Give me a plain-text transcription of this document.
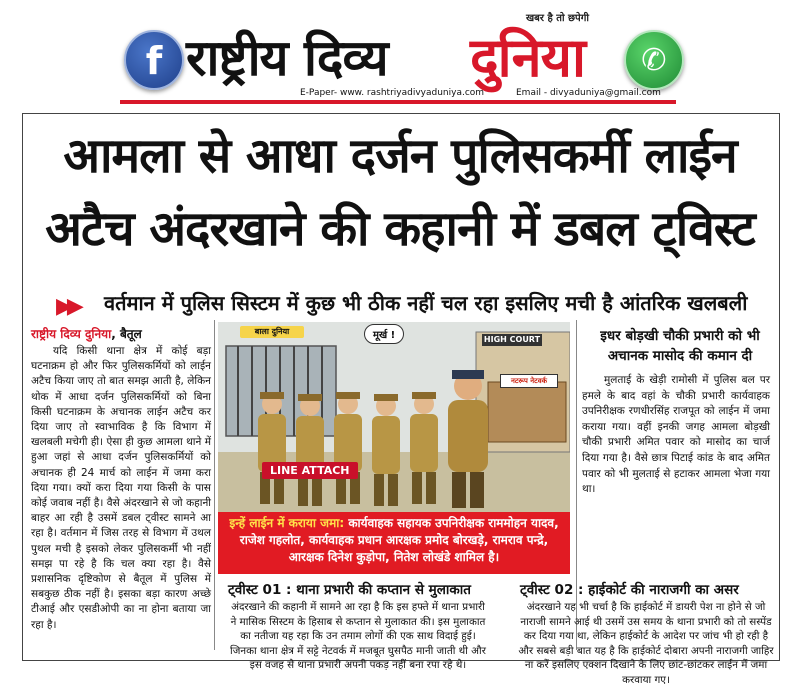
f
खबर है तो छपेगी
राष्ट्रीय दिव्य दुनिया	✆
E-Paper- www. rashtriyadivyaduniya.com	Email - divyaduniya@gmail.com
आमला से आधा दर्जन पुलिसकर्मी लाईन
अटैच अंदरखाने की कहानी में डबल ट्विस्ट
▶▶ वर्तमान में पुलिस सिस्टम में कुछ भी ठीक नहीं चल रहा इसलिए मची है आंतरिक खलबली
राष्ट्रीय दिव्य दुनिया, बैतूल

यदि किसी थाना क्षेत्र में कोई बड़ा घटनाक्रम हो और फिर पुलिसकर्मियों को लाईन अटैच किया जाए तो बात समझ आती है, लेकिन थोक में आधा दर्जन पुलिसकर्मियों को बिना किसी घटनाक्रम के अचानक लाईन अटैच कर दिया जाए तो स्वाभाविक है कि विभाग में खलबली मचेगी ही। ऐसा ही कुछ आमला थाने में हुआ जहां से आधा दर्जन पुलिसकर्मियों को अचानक ही 24 मार्च को लाईन में जमा करा दिया गया। क्यों करा दिया गया किसी के पास कोई जवाब नहीं है। वैसे अंदरखाने से जो कहानी बाहर आ रही है उसमें डबल ट्वीस्ट सामने आ रहा है। वर्तमान में जिस तरह से विभाग में उथल पुथल मची है इसको लेकर पुलिसकर्मी भी नहीं समझ पा रहे है कि चल क्या रहा है। वैसे प्रशासनिक दृष्टिकोण से बैतूल में पुलिस में सबकुछ ठीक नहीं है। इसका बड़ा कारण अच्छे टीआई और एसडीओपी का ना होना बताया जा रहा है।

बाला दुनिया	मूर्ख !	HIGH COURT
नटरूप नेटवर्क
LINE ATTACH
इन्हें लाईन में कराया जमा: कार्यवाहक सहायक उपनिरीक्षक राममोहन यादव, राजेश गहलोत, कार्यवाहक प्रधान आरक्षक प्रमोद बोरखड़े, रामराव पन्द्रे, आरक्षक दिनेश कुड़ोपा, नितेश लोखंडे शामिल है।
इधर बोड़खी चौकी प्रभारी को भी अचानक मासोद की कमान दी

मुलताई के खेड़ी रामोसी में पुलिस बल पर हमले के बाद वहां के चौकी प्रभारी कार्यवाहक उपनिरीक्षक रणधीरसिंह राजपूत को लाईन में जमा कराया गया। वहीं इनकी जगह आमला बोड़खी चौकी प्रभारी अमित पवार को मासोद का चार्ज दिया गया है। वैसे छात्र पिटाई कांड के बाद अमित पवार को भी मुलताई से हटाकर आमला भेजा गया था।

ट्वीस्ट 01 : थाना प्रभारी की कप्तान से मुलाकात

अंदरखाने की कहानी में सामने आ रहा है कि इस हफ्ते में थाना प्रभारी ने मासिक सिस्टम के हिसाब से कप्तान से मुलाकात की। इस मुलाकात का नतीजा यह रहा कि उन तमाम लोगों की एक साथ विदाई हुई। जिनका थाना क्षेत्र में सट्टे नेटवर्क में मजबूत घुसपैठ मानी जाती थी और इस वजह से थाना प्रभारी अपनी पकड़ नहीं बना रपा रहे थे।

ट्वीस्ट 02 : हाईकोर्ट की नाराजगी का असर

अंदरखाने यह भी चर्चा है कि हाईकोर्ट में डायरी पेश ना होने से जो नाराजी सामने आई थी उसमें उस समय के थाना प्रभारी को तो सस्पेंड कर दिया गया था, लेकिन हाईकोर्ट के आदेश पर जांच भी हो रही है और सबसे बड़ी बात यह है कि हाईकोर्ट दोबारा अपनी नाराजगी जाहिर ना करें इसलिए एक्शन दिखाने के लिए छांट-छांटकर लाईन में जमा करवाया गए।
